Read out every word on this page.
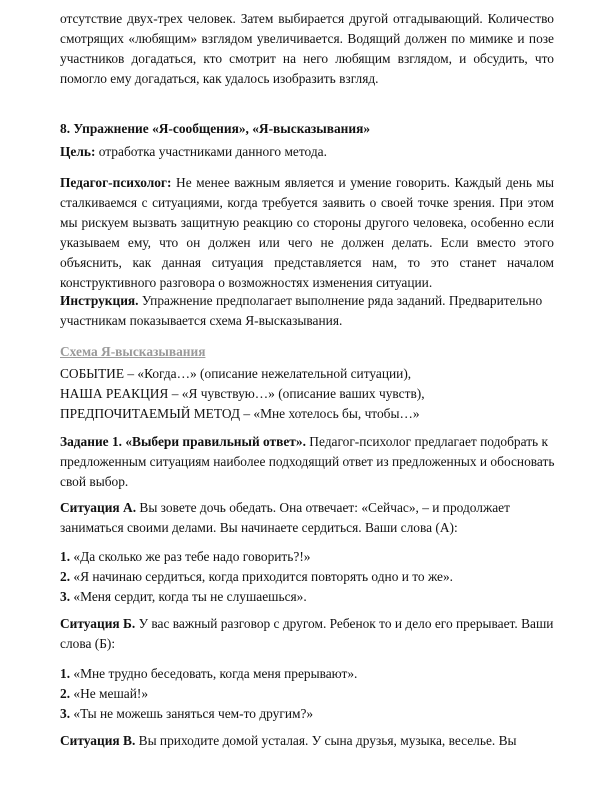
отсутствие двух-трех человек. Затем выбирается другой отгадывающий. Количество смотрящих «любящим» взглядом увеличивается. Водящий должен по мимике и позе участников догадаться, кто смотрит на него любящим взглядом, и обсудить, что помогло ему догадаться, как удалось изобразить взгляд.
8. Упражнение «Я-сообщения», «Я-высказывания»
Цель: отработка участниками данного метода.
Педагог-психолог: Не менее важным является и умение говорить. Каждый день мы сталкиваемся с ситуациями, когда требуется заявить о своей точке зрения. При этом мы рискуем вызвать защитную реакцию со стороны другого человека, особенно если указываем ему, что он должен или чего не должен делать. Если вместо этого объяснить, как данная ситуация представляется нам, то это станет началом конструктивного разговора о возможностях изменения ситуации.
Инструкция. Упражнение предполагает выполнение ряда заданий. Предварительно
участникам показывается схема Я-высказывания.
Схема Я-высказывания
СОБЫТИЕ – «Когда…» (описание нежелательной ситуации),
НАША РЕАКЦИЯ – «Я чувствую…» (описание ваших чувств),
ПРЕДПОЧИТАЕМЫЙ МЕТОД – «Мне хотелось бы, чтобы…»
Задание 1. «Выбери правильный ответ». Педагог-психолог предлагает подобрать к
предложенным ситуациям наиболее подходящий ответ из предложенных и обосновать
свой выбор.
Ситуация А. Вы зовете дочь обедать. Она отвечает: «Сейчас», – и продолжает
заниматься своими делами. Вы начинаете сердиться. Ваши слова (А):
1. «Да сколько же раз тебе надо говорить?!»
2. «Я начинаю сердиться, когда приходится повторять одно и то же».
3. «Меня сердит, когда ты не слушаешься».
Ситуация Б. У вас важный разговор с другом. Ребенок то и дело его прерывает. Ваши
слова (Б):
1. «Мне трудно беседовать, когда меня прерывают».
2. «Не мешай!»
3. «Ты не можешь заняться чем-то другим?»
Ситуация В. Вы приходите домой усталая. У сына друзья, музыка, веселье. Вы
